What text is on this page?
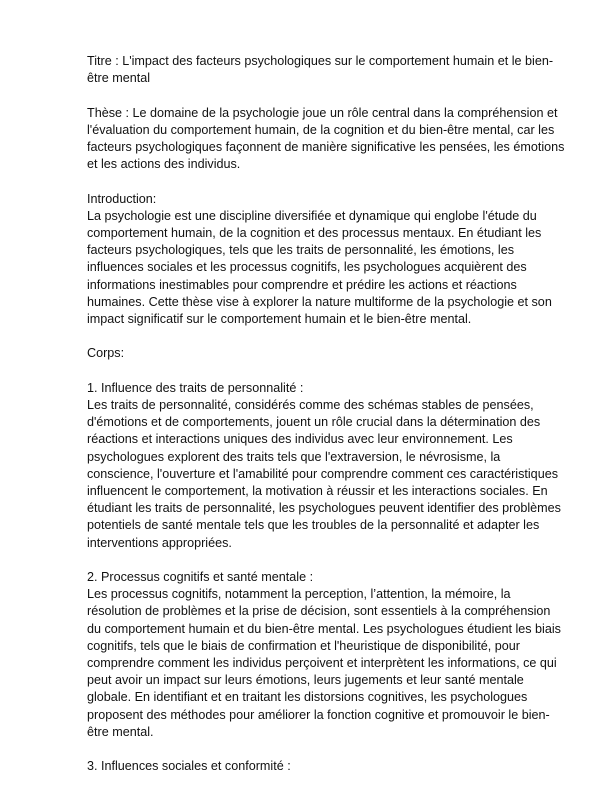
Titre : L'impact des facteurs psychologiques sur le comportement humain et le bien-être mental

Thèse : Le domaine de la psychologie joue un rôle central dans la compréhension et l'évaluation du comportement humain, de la cognition et du bien-être mental, car les facteurs psychologiques façonnent de manière significative les pensées, les émotions et les actions des individus.

Introduction:

La psychologie est une discipline diversifiée et dynamique qui englobe l'étude du comportement humain, de la cognition et des processus mentaux. En étudiant les facteurs psychologiques, tels que les traits de personnalité, les émotions, les influences sociales et les processus cognitifs, les psychologues acquièrent des informations inestimables pour comprendre et prédire les actions et réactions humaines. Cette thèse vise à explorer la nature multiforme de la psychologie et son impact significatif sur le comportement humain et le bien-être mental.

Corps:

1. Influence des traits de personnalité :

Les traits de personnalité, considérés comme des schémas stables de pensées, d'émotions et de comportements, jouent un rôle crucial dans la détermination des réactions et interactions uniques des individus avec leur environnement. Les psychologues explorent des traits tels que l'extraversion, le névrosisme, la conscience, l'ouverture et l'amabilité pour comprendre comment ces caractéristiques influencent le comportement, la motivation à réussir et les interactions sociales. En étudiant les traits de personnalité, les psychologues peuvent identifier des problèmes potentiels de santé mentale tels que les troubles de la personnalité et adapter les interventions appropriées.

2. Processus cognitifs et santé mentale :

Les processus cognitifs, notamment la perception, l’attention, la mémoire, la résolution de problèmes et la prise de décision, sont essentiels à la compréhension du comportement humain et du bien-être mental. Les psychologues étudient les biais cognitifs, tels que le biais de confirmation et l'heuristique de disponibilité, pour comprendre comment les individus perçoivent et interprètent les informations, ce qui peut avoir un impact sur leurs émotions, leurs jugements et leur santé mentale globale. En identifiant et en traitant les distorsions cognitives, les psychologues proposent des méthodes pour améliorer la fonction cognitive et promouvoir le bien-être mental.

3. Influences sociales et conformité :
